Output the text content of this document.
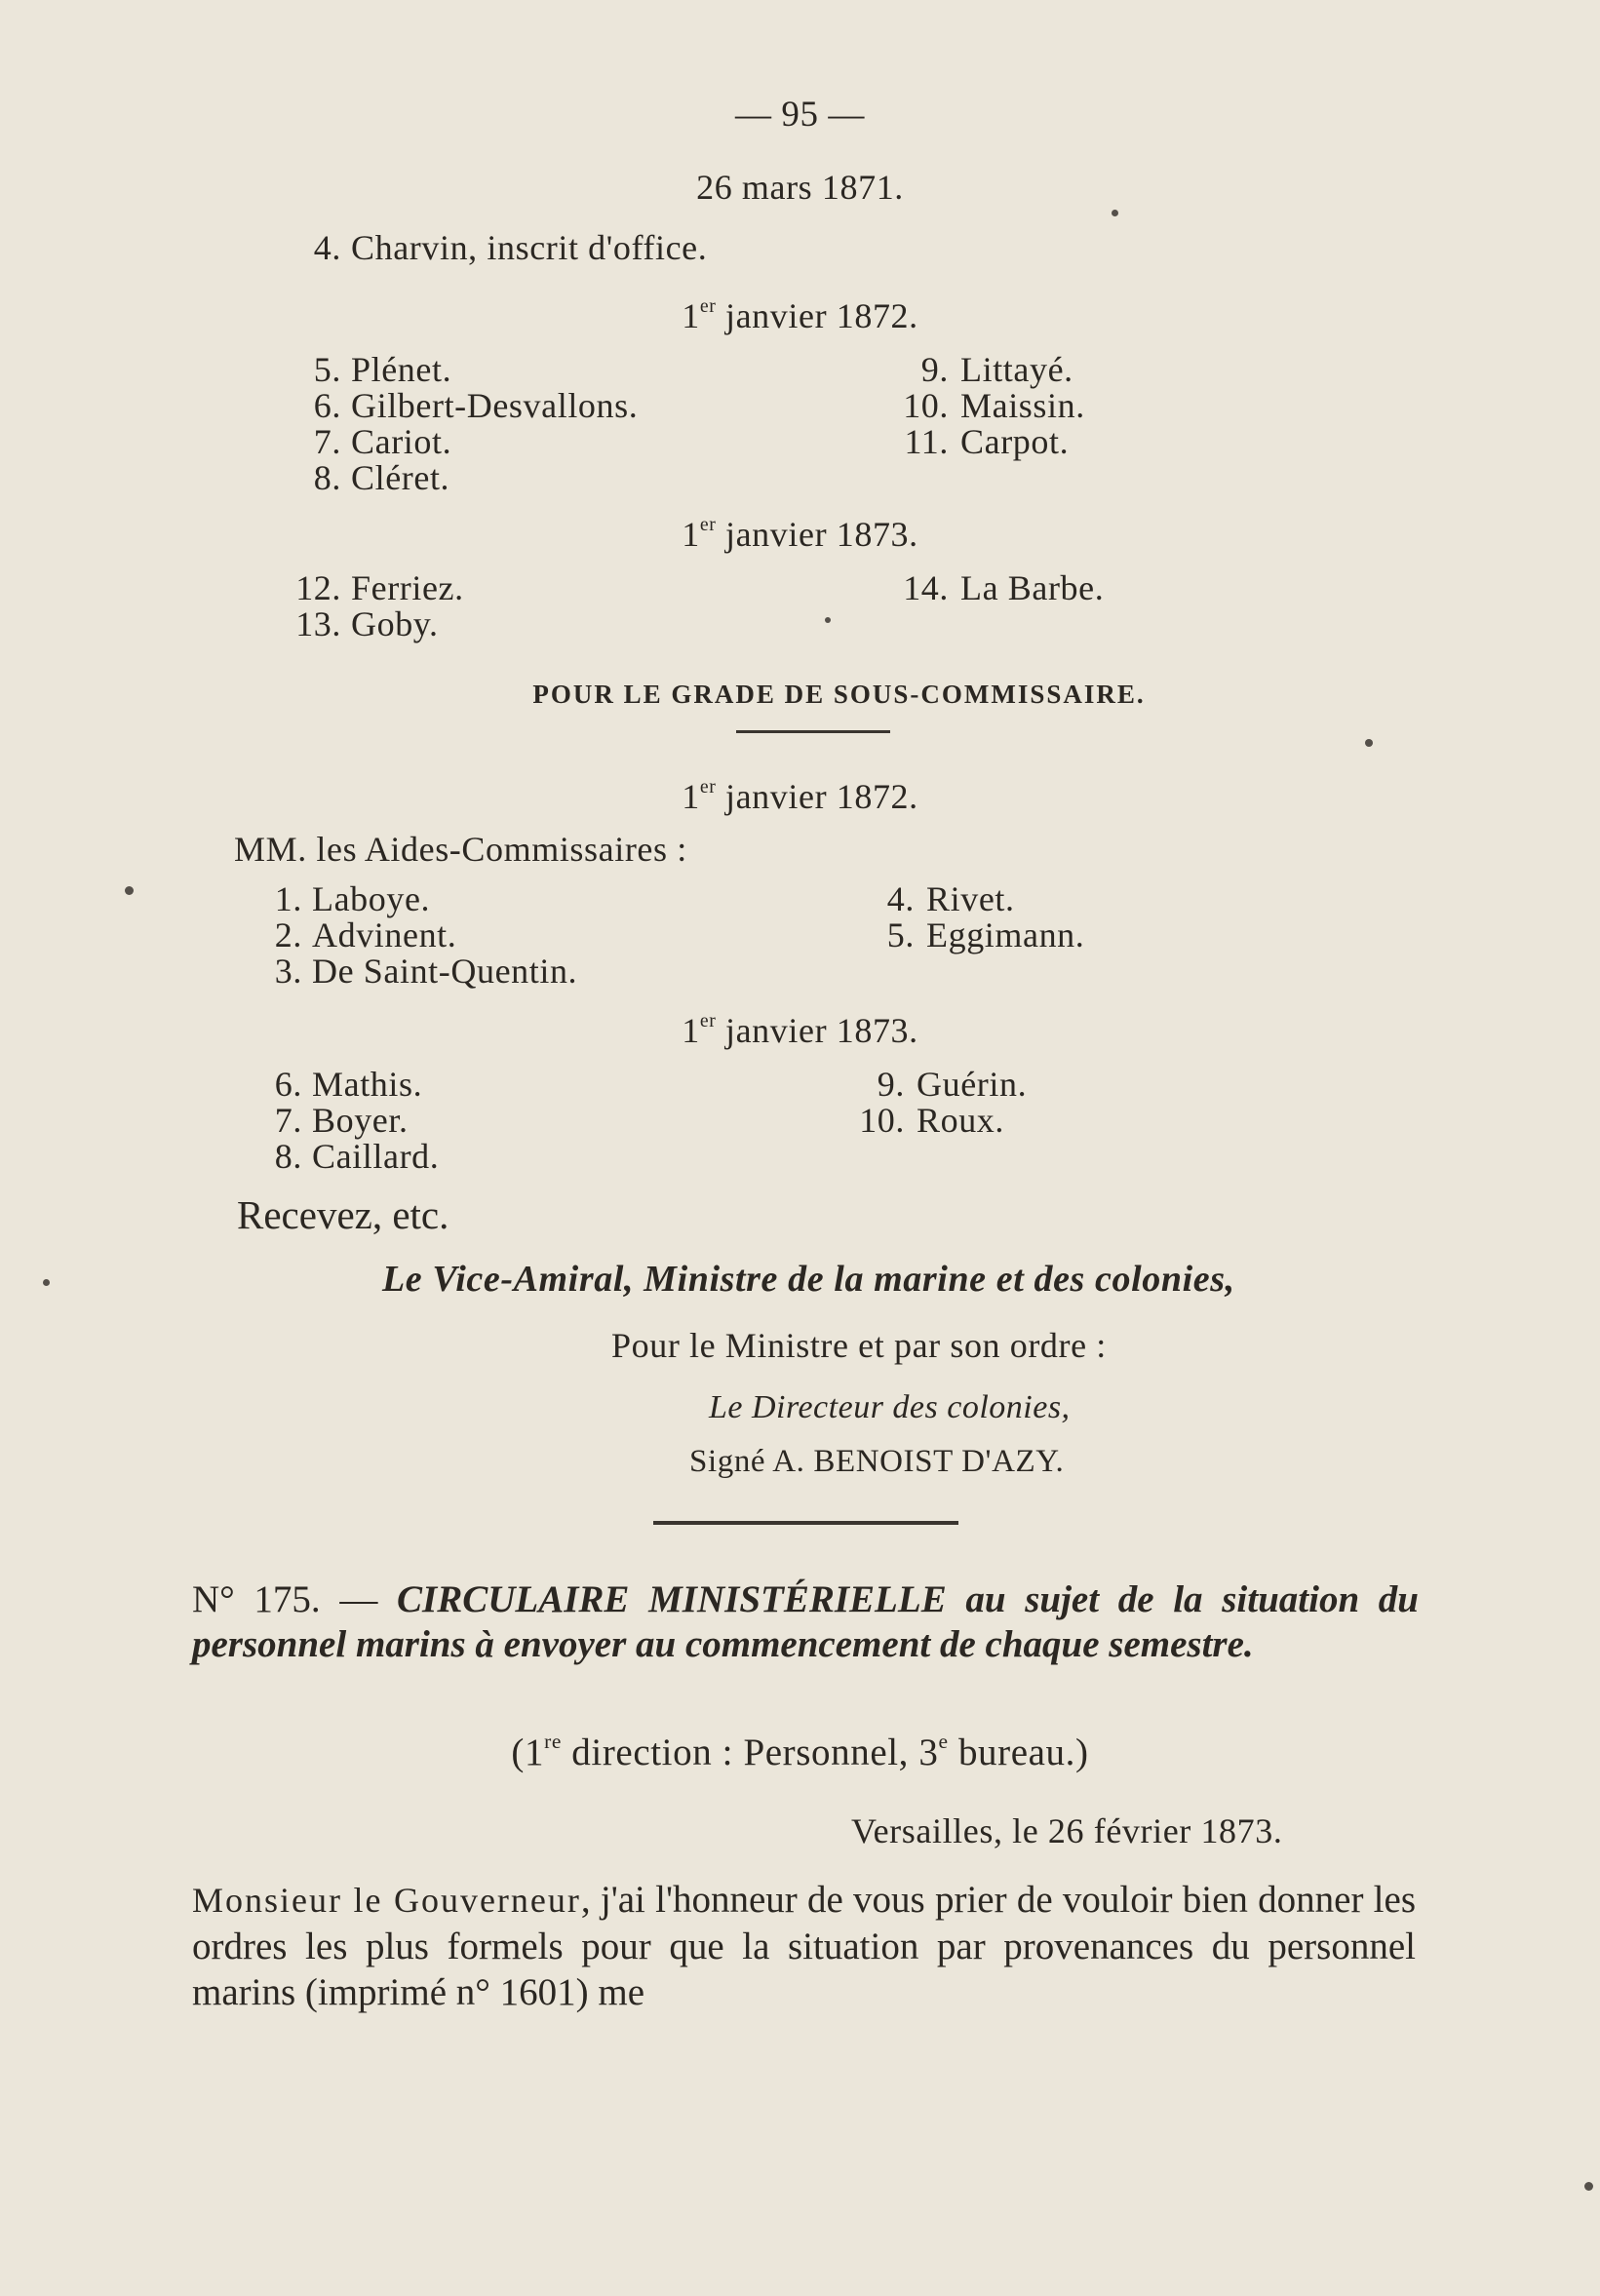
— 95 —
26 mars 1871.
4. Charvin, inscrit d'office.
1er janvier 1872.
5. Plénet.
6. Gilbert-Desvallons.
7. Cariot.
8. Cléret.
9. Littayé.
10. Maissin.
11. Carpot.
1er janvier 1873.
12. Ferriez.
13. Goby.
14. La Barbe.
POUR LE GRADE DE SOUS-COMMISSAIRE.
1er janvier 1872.
MM. les Aides-Commissaires :
1. Laboye.
2. Advinent.
3. De Saint-Quentin.
4. Rivet.
5. Eggimann.
1er janvier 1873.
6. Mathis.
7. Boyer.
8. Caillard.
9. Guérin.
10. Roux.
Recevez, etc.
Le Vice-Amiral, Ministre de la marine et des colonies,
Pour le Ministre et par son ordre :
Le Directeur des colonies,
Signé A. BENOIST D'AZY.
N° 175. — CIRCULAIRE MINISTÉRIELLE au sujet de la situation du personnel marins à envoyer au commencement de chaque semestre.
(1re direction : Personnel, 3e bureau.)
Versailles, le 26 février 1873.
Monsieur le Gouverneur, j'ai l'honneur de vous prier de vouloir bien donner les ordres les plus formels pour que la situation par provenances du personnel marins (imprimé n° 1601) me
